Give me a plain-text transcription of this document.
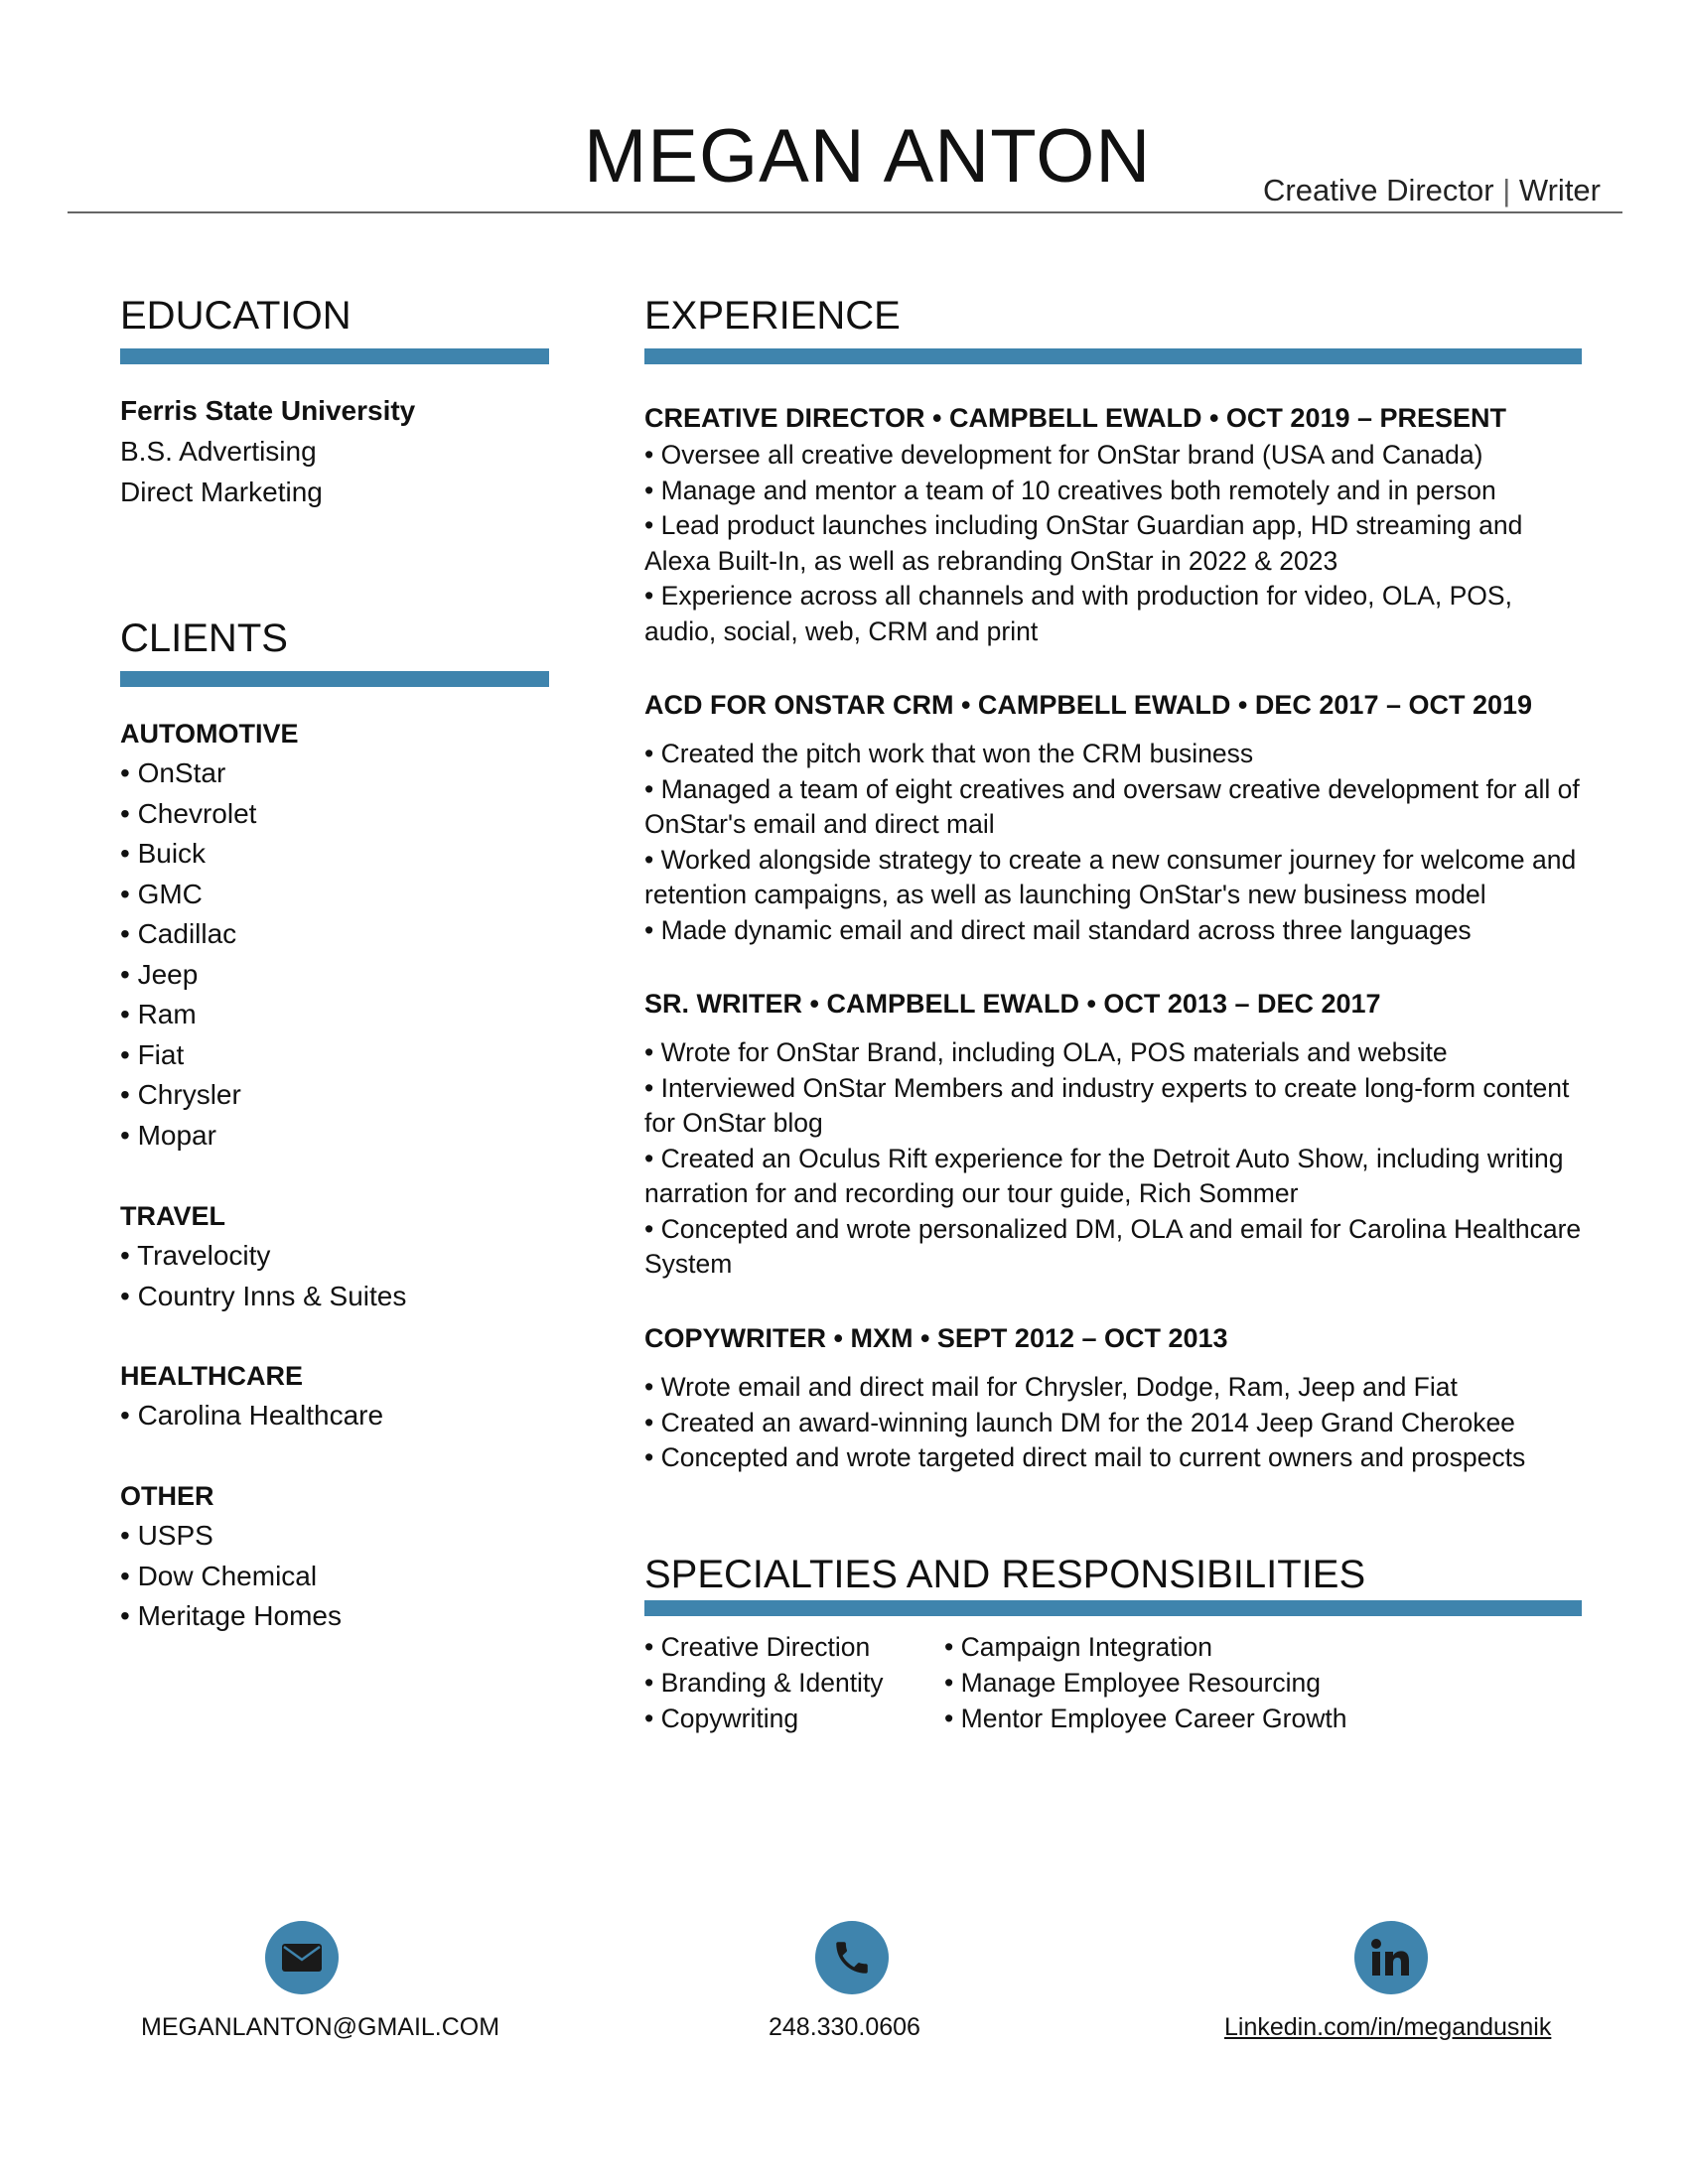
MEGAN ANTON	Creative Director | Writer
EDUCATION
Ferris State University
B.S. Advertising
Direct Marketing
CLIENTS
AUTOMOTIVE
• OnStar
• Chevrolet
• Buick
• GMC
• Cadillac
• Jeep
• Ram
• Fiat
• Chrysler
• Mopar
TRAVEL
• Travelocity
• Country Inns & Suites
HEALTHCARE
• Carolina Healthcare
OTHER
• USPS
• Dow Chemical
• Meritage Homes
EXPERIENCE
CREATIVE DIRECTOR • CAMPBELL EWALD • OCT 2019 – PRESENT
• Oversee all creative development for OnStar brand (USA and Canada)
• Manage and mentor a team of 10 creatives both remotely and in person
• Lead product launches including OnStar Guardian app, HD streaming and Alexa Built-In, as well as rebranding OnStar in 2022 & 2023
• Experience across all channels and with production for video, OLA, POS, audio, social, web, CRM and print
ACD FOR ONSTAR CRM • CAMPBELL EWALD • DEC 2017 – OCT 2019
• Created the pitch work that won the CRM business
• Managed a team of eight creatives and oversaw creative development for all of OnStar's email and direct mail
• Worked alongside strategy to create a new consumer journey for welcome and retention campaigns, as well as launching OnStar's new business model
• Made dynamic email and direct mail standard across three languages
SR. WRITER • CAMPBELL EWALD • OCT 2013 – DEC 2017
• Wrote for OnStar Brand, including OLA, POS materials and website
• Interviewed OnStar Members and industry experts to create long-form content for OnStar blog
• Created an Oculus Rift experience for the Detroit Auto Show, including writing narration for and recording our tour guide, Rich Sommer
• Concepted and wrote personalized DM, OLA and email for Carolina Healthcare System
COPYWRITER • MXM • SEPT 2012 – OCT 2013
• Wrote email and direct mail for Chrysler, Dodge, Ram, Jeep and Fiat
• Created an award-winning launch DM for the 2014 Jeep Grand Cherokee
• Concepted and wrote targeted direct mail to current owners and prospects
SPECIALTIES AND RESPONSIBILITIES
• Creative Direction
• Branding & Identity
• Copywriting
• Campaign Integration
• Manage Employee Resourcing
• Mentor Employee Career Growth
MEGANLANTON@GMAIL.COM	248.330.0606	Linkedin.com/in/megandusnik
